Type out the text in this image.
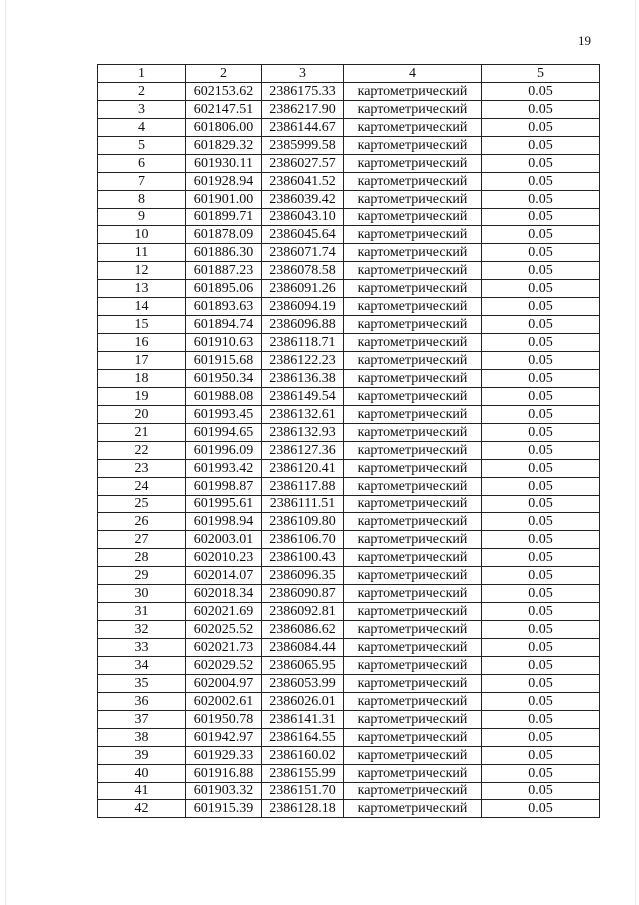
19
1	2	3	4	5
2	602153.62	2386175.33	картометрический	0.05
3	602147.51	2386217.90	картометрический	0.05
4	601806.00	2386144.67	картометрический	0.05
5	601829.32	2385999.58	картометрический	0.05
6	601930.11	2386027.57	картометрический	0.05
7	601928.94	2386041.52	картометрический	0.05
8	601901.00	2386039.42	картометрический	0.05
9	601899.71	2386043.10	картометрический	0.05
10	601878.09	2386045.64	картометрический	0.05
11	601886.30	2386071.74	картометрический	0.05
12	601887.23	2386078.58	картометрический	0.05
13	601895.06	2386091.26	картометрический	0.05
14	601893.63	2386094.19	картометрический	0.05
15	601894.74	2386096.88	картометрический	0.05
16	601910.63	2386118.71	картометрический	0.05
17	601915.68	2386122.23	картометрический	0.05
18	601950.34	2386136.38	картометрический	0.05
19	601988.08	2386149.54	картометрический	0.05
20	601993.45	2386132.61	картометрический	0.05
21	601994.65	2386132.93	картометрический	0.05
22	601996.09	2386127.36	картометрический	0.05
23	601993.42	2386120.41	картометрический	0.05
24	601998.87	2386117.88	картометрический	0.05
25	601995.61	2386111.51	картометрический	0.05
26	601998.94	2386109.80	картометрический	0.05
27	602003.01	2386106.70	картометрический	0.05
28	602010.23	2386100.43	картометрический	0.05
29	602014.07	2386096.35	картометрический	0.05
30	602018.34	2386090.87	картометрический	0.05
31	602021.69	2386092.81	картометрический	0.05
32	602025.52	2386086.62	картометрический	0.05
33	602021.73	2386084.44	картометрический	0.05
34	602029.52	2386065.95	картометрический	0.05
35	602004.97	2386053.99	картометрический	0.05
36	602002.61	2386026.01	картометрический	0.05
37	601950.78	2386141.31	картометрический	0.05
38	601942.97	2386164.55	картометрический	0.05
39	601929.33	2386160.02	картометрический	0.05
40	601916.88	2386155.99	картометрический	0.05
41	601903.32	2386151.70	картометрический	0.05
42	601915.39	2386128.18	картометрический	0.05
